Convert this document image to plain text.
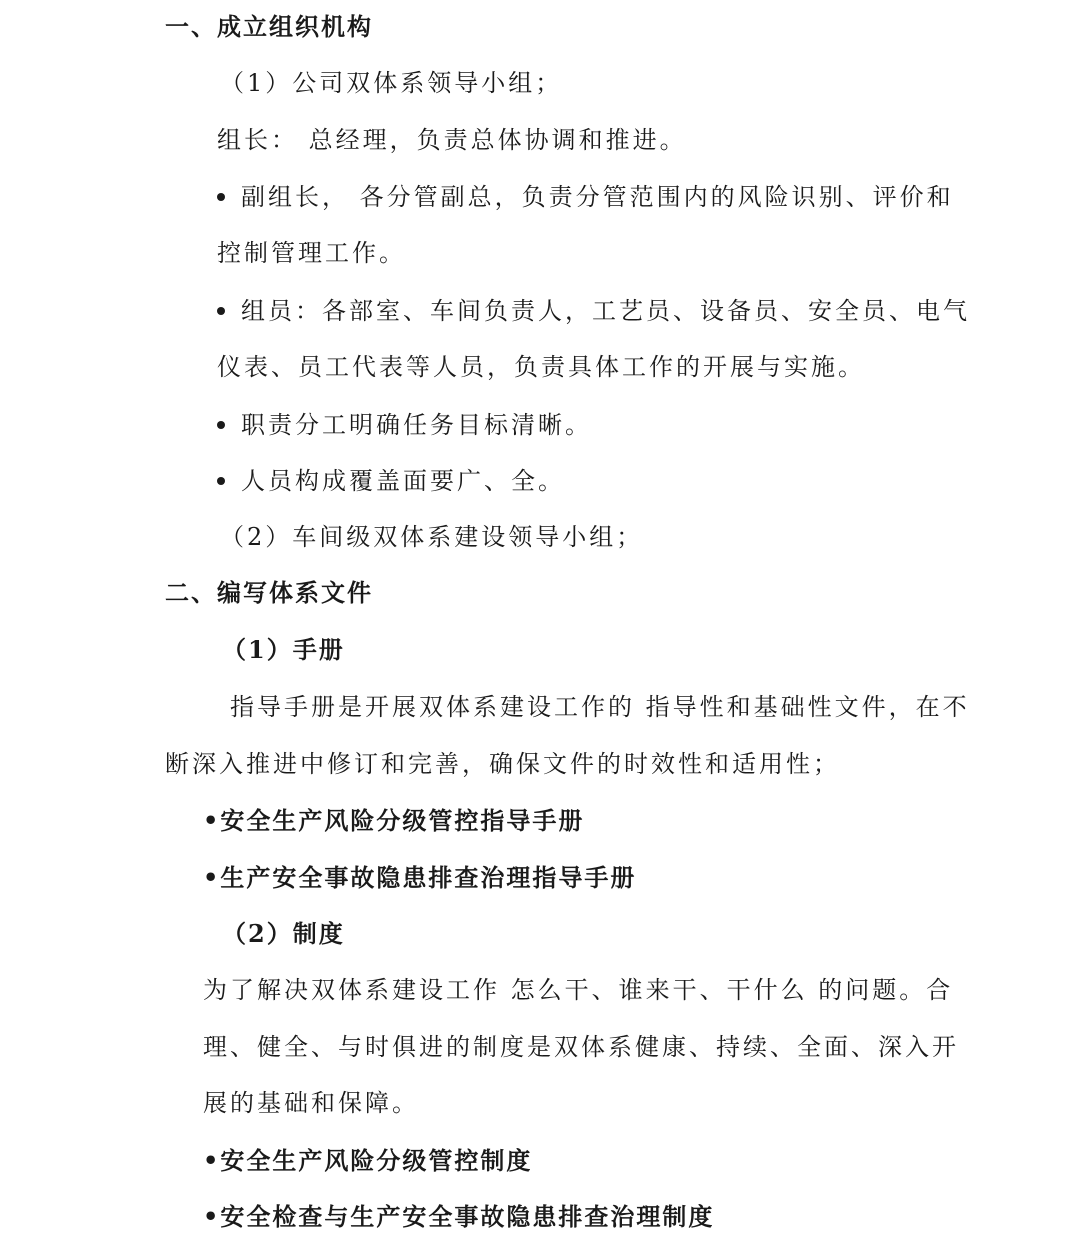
一、成立组织机构
（1）公司双体系领导小组；
组长： 总经理，负责总体协调和推进。
副组长， 各分管副总，负责分管范围内的风险识别、评价和
控制管理工作。
组员：各部室、车间负责人，工艺员、设备员、安全员、电气
仪表、员工代表等人员，负责具体工作的开展与实施。
职责分工明确任务目标清晰。
人员构成覆盖面要广、全。
（2）车间级双体系建设领导小组；
二、编写体系文件
（1）手册
指导手册是开展双体系建设工作的 指导性和基础性文件，在不
断深入推进中修订和完善，确保文件的时效性和适用性；
•安全生产风险分级管控指导手册
•生产安全事故隐患排查治理指导手册
（2）制度
为了解决双体系建设工作 怎么干、谁来干、干什么 的问题。合
理、健全、与时俱进的制度是双体系健康、持续、全面、深入开
展的基础和保障。
•安全生产风险分级管控制度
•安全检查与生产安全事故隐患排查治理制度
